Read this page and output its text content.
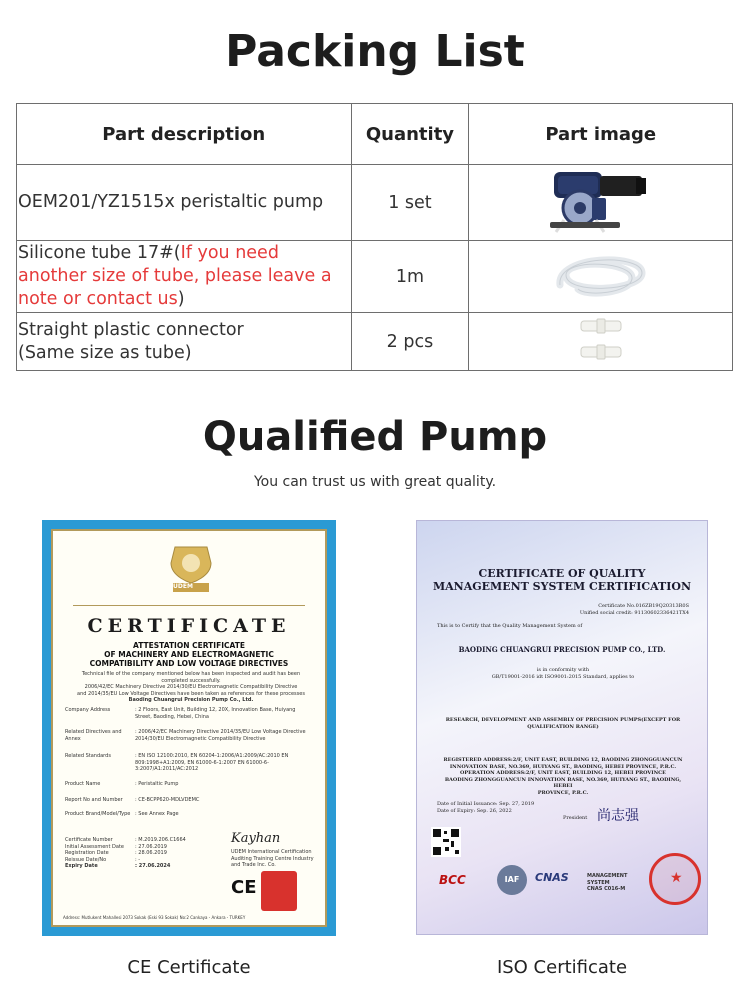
Packing List
Part description	Quantity	Part image
OEM201/YZ1515x peristaltic pump	1 set	
Silicone tube 17#(If you need another size of tube, please leave a note or contact us)	1m	

Straight plastic connector
(Same size as tube)	2 pcs	
Qualified Pump
You can trust us with great quality.
UDEM
CERTIFICATE
ATTESTATION CERTIFICATE
OF MACHINERY AND ELECTROMAGNETIC
COMPATIBILITY AND LOW VOLTAGE DIRECTIVES
Technical file of the company mentioned below has been inspected and audit has been
completed successfully.
2006/42/EC Machinery Directive 2014/30/EU Electromagnetic Compatibility Directive
and 2014/35/EU Low Voltage Directives have been taken as references for these processes
Baoding Chuangrui Precision Pump Co., Ltd.
Company Address	: 2 Floors, East Unit, Building 12, 20X, Innovation Base, Huiyang Street, Baoding, Hebei, China
Related Directives and Annex: 2006/42/EC Machinery Directive 2014/35/EU Low Voltage Directive 2014/30/EU Electromagnetic Compatibility Directive
Related Standards	: EN ISO 12100:2010, EN 60204-1:2006/A1:2009/AC:2010 EN 809:1998+A1:2009, EN 61000-6-1:2007 EN 61000-6-3:2007/A1:2011/AC:2012
Product Name	: Peristaltic Pump
Report No and Number : CE-BCPP620-MDLVDEMC
Product Brand/Model/Type : See Annex Page
Certificate Number	: M.2019.206.C1664
Initial Assessment Date : 27.06.2019
Registration Date	: 28.06.2019
Reissue Date/No	: -
Expiry Date	: 27.06.2024
Kayhan
UDEM International Certification Auditing Training Centre Industry and Trade Inc. Co.
CE
Address: Mutlukent Mahallesi 2073 Sokak (Eski 93 Sokak) No:2 Cankaya - Ankara - TURKEY
CERTIFICATE OF QUALITY
MANAGEMENT SYSTEM CERTIFICATION
Certificate No.016ZB19Q20313R0S
Unified social credit: 91130602336421TX4
This is to Certify that the Quality Management System of
BAODING CHUANGRUI PRECISION PUMP CO., LTD.
is in conformity with
GB/T19001-2016 idt ISO9001:2015 Standard, applies to
RESEARCH, DEVELOPMENT AND ASSEMBLY OF PRECISION PUMPS(EXCEPT FOR
QUALIFICATION RANGE)
REGISTERED ADDRESS:2/F, UNIT EAST, BUILDING 12, BAODING ZHONGGUANCUN
INNOVATION BASE, NO.369, HUIYANG ST., BAODING, HEBEI PROVINCE, P.R.C.
OPERATION ADDRESS:2/F, UNIT EAST, BUILDING 12, HEBEI PROVINCE
BAODING ZHONGGUANCUN INNOVATION BASE, NO.369, HUIYANG ST., BAODING, HEBEI
PROVINCE, P.R.C.
Date of Initial Issuance: Sep. 27, 2019
Date of Expiry: Sep. 26, 2022	尚志强
President
BCC	IAF	CNAS	MANAGEMENT SYSTEM
CNAS C016-M
★
CE Certificate	ISO Certificate
